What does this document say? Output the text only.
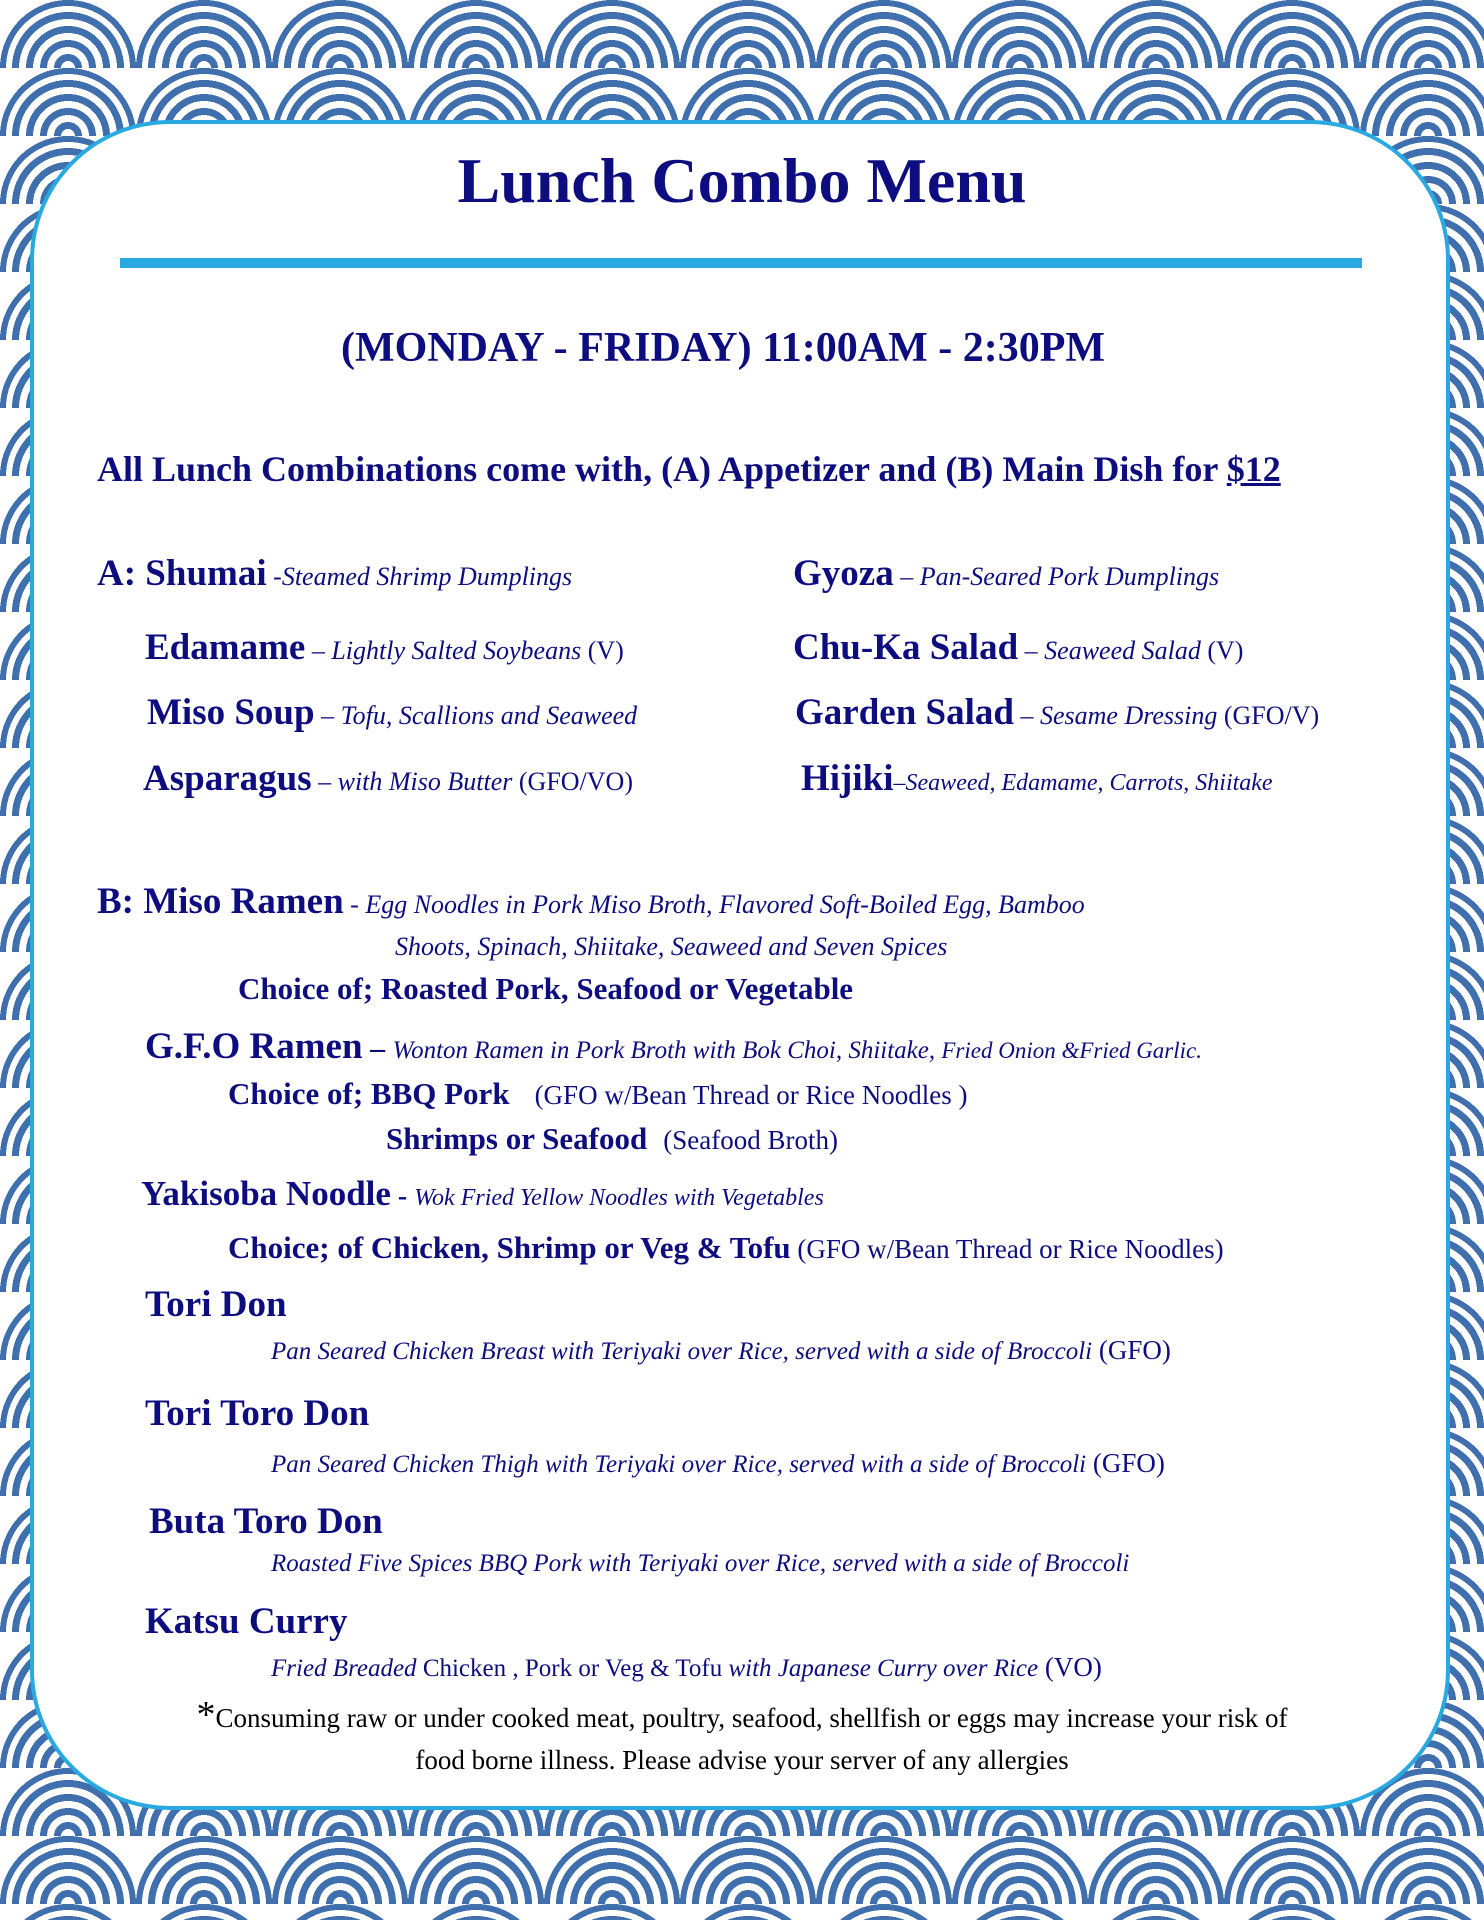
Lunch Combo Menu
(MONDAY - FRIDAY) 11:00AM - 2:30PM
All Lunch Combinations come with, (A) Appetizer and (B) Main Dish for $12
A: Shumai -Steamed Shrimp Dumplings
Edamame – Lightly Salted Soybeans (V)
Miso Soup – Tofu, Scallions and Seaweed
Asparagus – with Miso Butter (GFO/VO)
Gyoza – Pan-Seared Pork Dumplings
Chu-Ka Salad – Seaweed Salad (V)
Garden Salad – Sesame Dressing (GFO/V)
Hijiki–Seaweed, Edamame, Carrots, Shiitake
B: Miso Ramen - Egg Noodles in Pork Miso Broth, Flavored Soft-Boiled Egg, Bamboo
Shoots, Spinach, Shiitake, Seaweed and Seven Spices
Choice of; Roasted Pork, Seafood or Vegetable
G.F.O Ramen – Wonton Ramen in Pork Broth with Bok Choi, Shiitake, Fried Onion &Fried Garlic.
Choice of; BBQ Pork (GFO w/Bean Thread or Rice Noodles )
Shrimps or Seafood (Seafood Broth)
Yakisoba Noodle - Wok Fried Yellow Noodles with Vegetables
Choice; of Chicken, Shrimp or Veg & Tofu (GFO w/Bean Thread or Rice Noodles)
Tori Don
Pan Seared Chicken Breast with Teriyaki over Rice, served with a side of Broccoli (GFO)
Tori Toro Don
Pan Seared Chicken Thigh with Teriyaki over Rice, served with a side of Broccoli (GFO)
Buta Toro Don
Roasted Five Spices BBQ Pork with Teriyaki over Rice, served with a side of Broccoli
Katsu Curry
Fried Breaded Chicken , Pork or Veg & Tofu with Japanese Curry over Rice (VO)
*Consuming raw or under cooked meat, poultry, seafood, shellfish or eggs may increase your risk of
food borne illness. Please advise your server of any allergies
